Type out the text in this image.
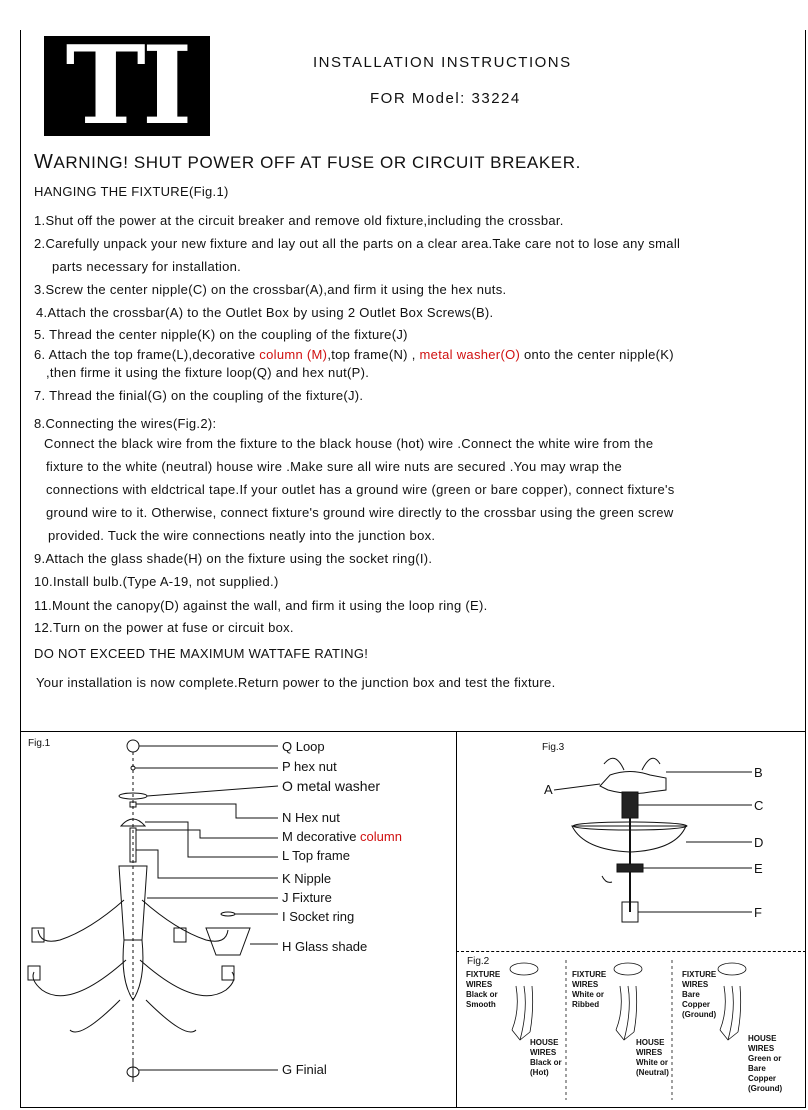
TI	INSTALLATION INSTRUCTIONS
FOR Model: 33224
WARNING! SHUT POWER OFF AT FUSE OR CIRCUIT BREAKER.
HANGING THE FIXTURE(Fig.1)
1.Shut off the power at the circuit breaker and remove old fixture,including the crossbar.
2.Carefully unpack your new fixture and lay out all the parts on a clear area.Take care not to lose any small
parts necessary for installation.
3.Screw the center nipple(C) on the crossbar(A),and firm it using the hex nuts.
4.Attach the crossbar(A) to the Outlet Box by using 2 Outlet Box Screws(B).
5. Thread the center nipple(K) on the coupling of the fixture(J)
6. Attach the top frame(L),decorative column (M),top frame(N) , metal washer(O) onto the center nipple(K)
,then firme it using the fixture loop(Q) and hex nut(P).
7. Thread the finial(G) on the coupling of the fixture(J).
8.Connecting the wires(Fig.2):
Connect the black wire from the fixture to the black house (hot) wire .Connect the white wire from the
fixture to the white (neutral) house wire .Make sure all wire nuts are secured .You may wrap the
connections with eldctrical tape.If your outlet has a ground wire (green or bare copper), connect fixture's
ground wire to it. Otherwise, connect fixture's ground wire directly to the crossbar using the green screw
provided. Tuck the wire connections neatly into the junction box.
9.Attach the glass shade(H) on the fixture using the socket ring(I).
10.Install bulb.(Type A-19, not supplied.)
11.Mount the canopy(D) against the wall, and firm it using the loop ring (E).
12.Turn on the power at fuse or circuit box.
DO NOT EXCEED THE MAXIMUM WATTAFE RATING!
Your installation is now complete.Return power to the junction box and test the fixture.
Fig.1	Q Loop
P hex nut
O metal washer
N Hex nut
M decorative column
L Top frame
K Nipple
J Fixture
I Socket ring
H Glass shade
G Finial
Fig.3
A
B
C
D
E
F
Fig.2
FIXTURE
WIRES
Black or
Smooth
HOUSE
WIRES
Black or
(Hot)
FIXTURE
WIRES
White or
Ribbed
HOUSE
WIRES
White or
(Neutral)
FIXTURE
WIRES
Bare
Copper
(Ground)
HOUSE
WIRES
Green or
Bare
Copper
(Ground)
